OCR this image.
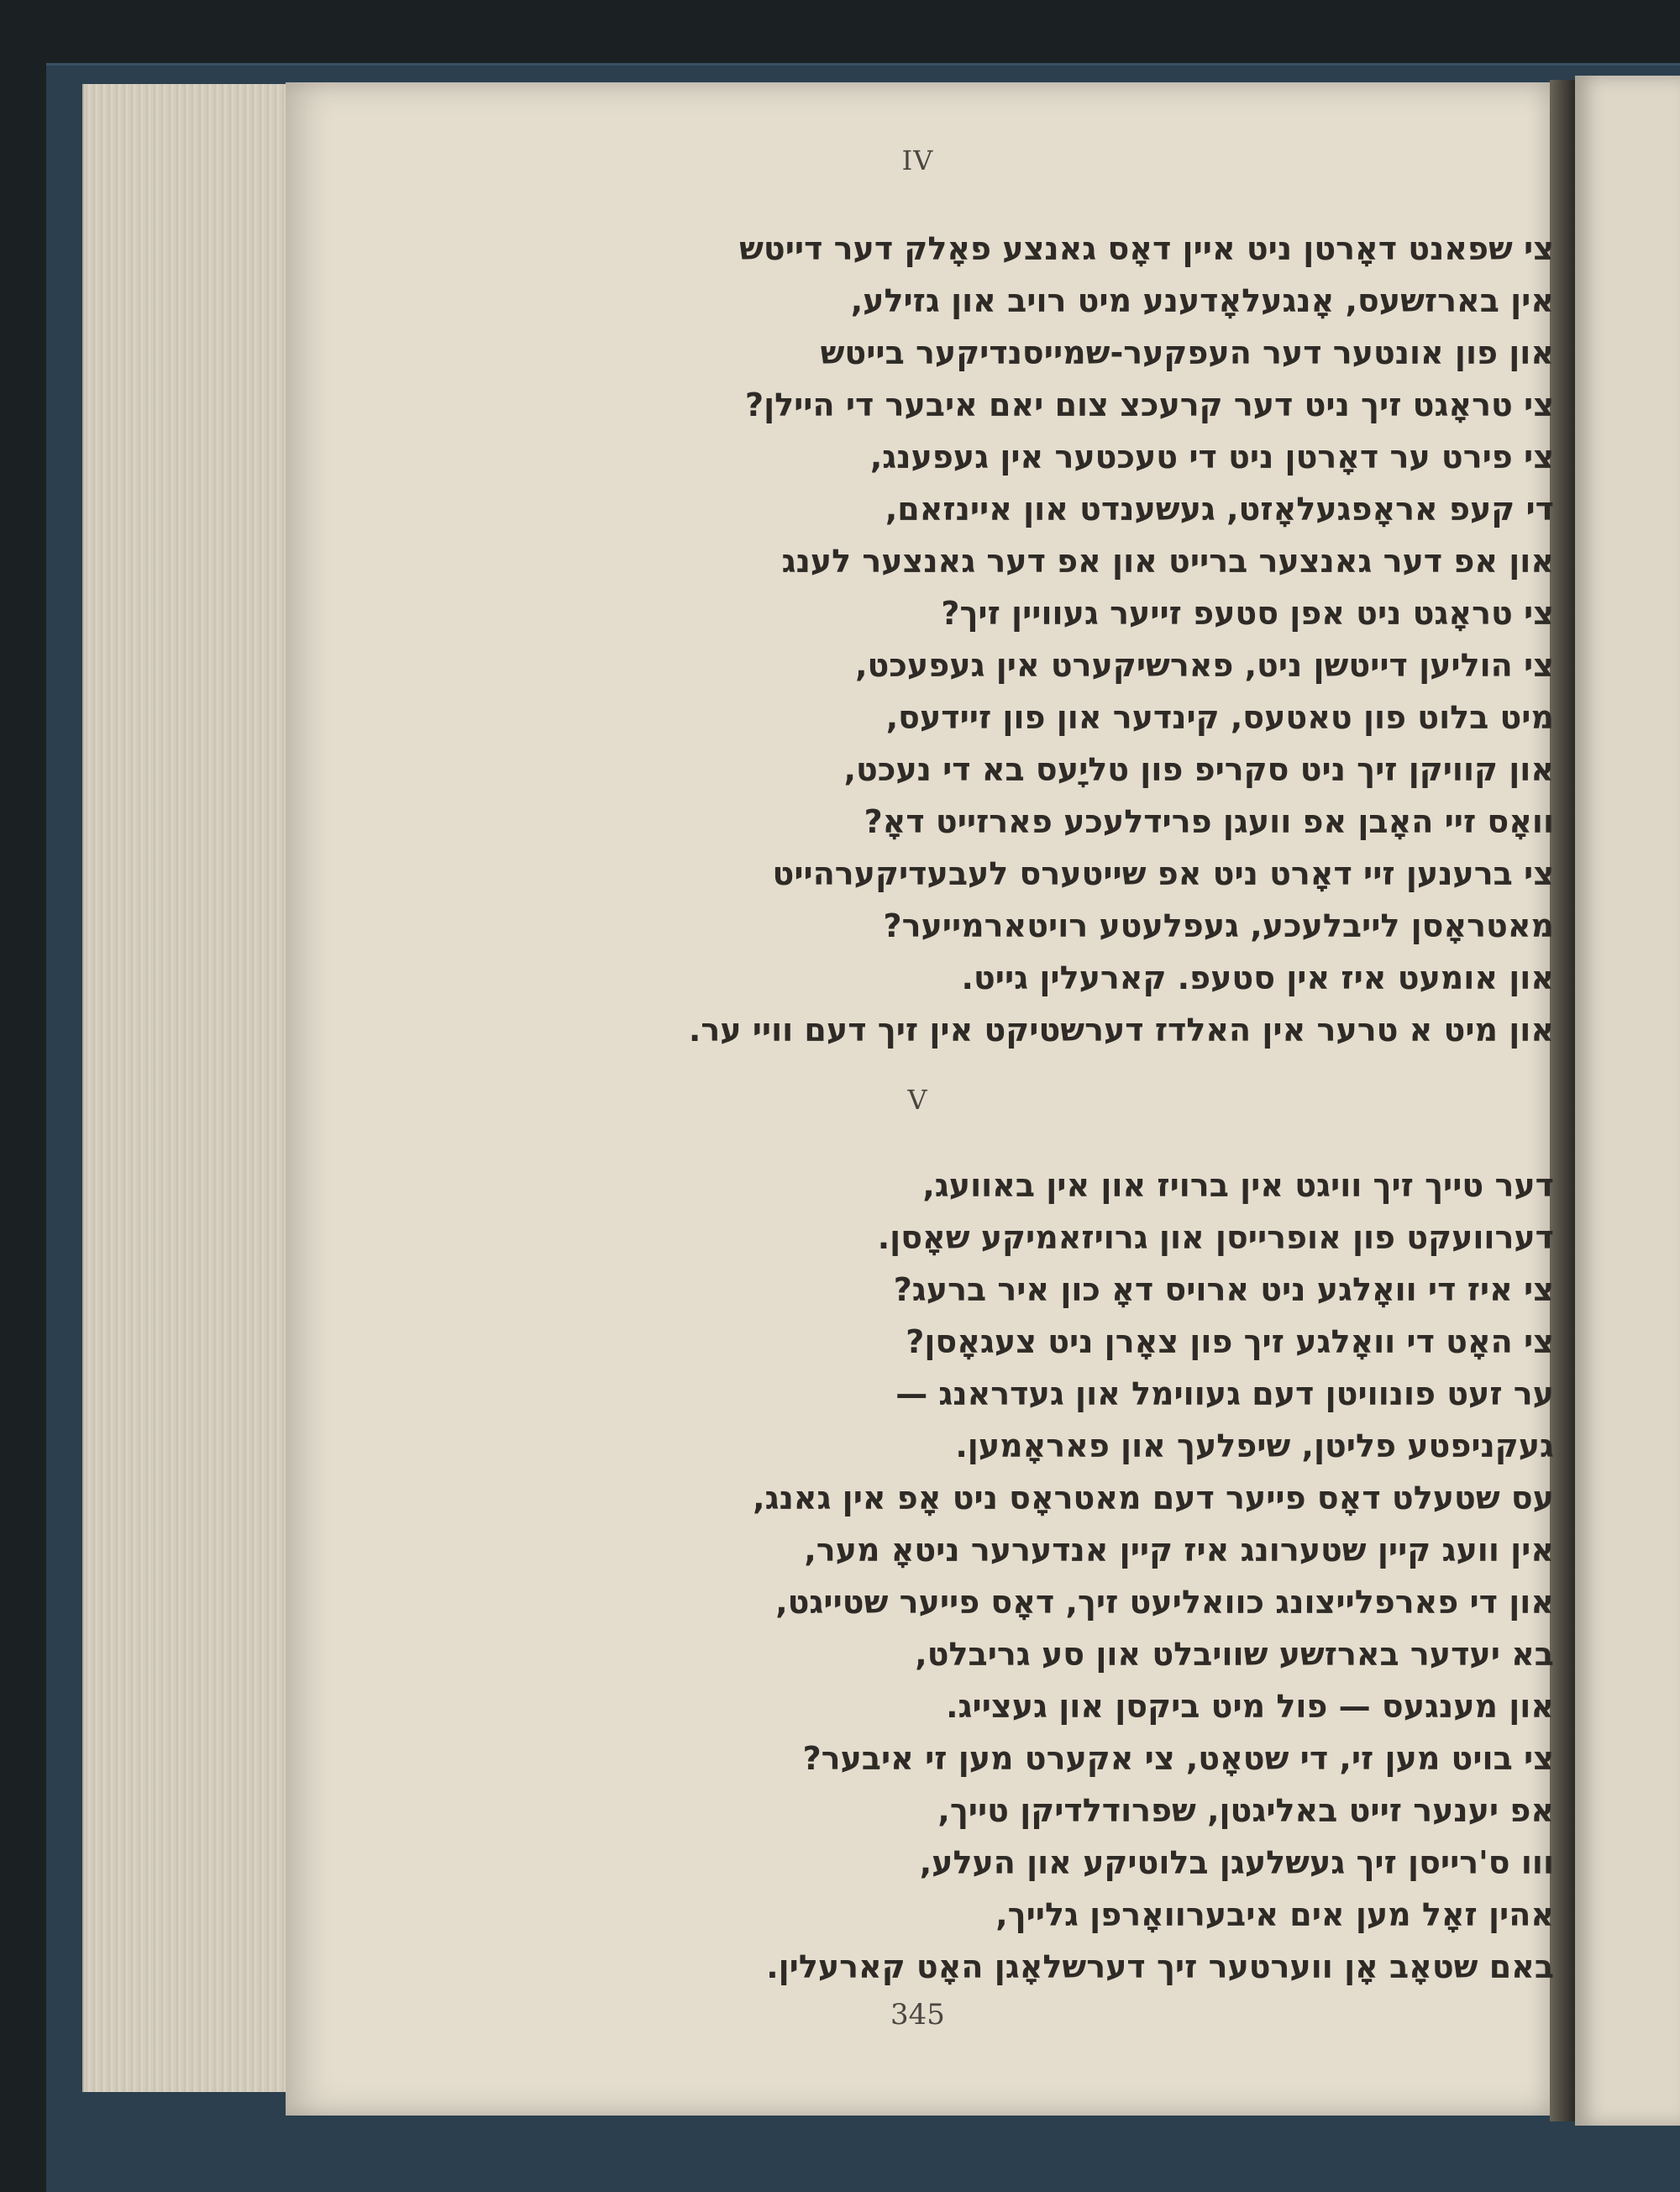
IV
צי שפאנט דאָרטן ניט איין דאָס גאנצע פאָלק דער דייטש
אין בארזשעס, אָנגעלאָדענע מיט רויב און גזילע,
און פון אונטער דער העפקער-שמייסנדיקער בייטש
צי טראָגט זיך ניט דער קרעכצ צום יאם איבער די היילן?
צי פירט ער דאָרטן ניט די טעכטער אין געפענג,
די קעפ אראָפגעלאָזט, געשענדט און איינזאם,
און אפ דער גאנצער ברייט און אפ דער גאנצער לענג
צי טראָגט ניט אפן סטעפ זייער געוויין זיך?
צי הוליען דייטשן ניט, פארשיקערט אין געפעכט,
מיט בלוט פון טאטעס, קינדער און פון זיידעס,
און קוויקן זיך ניט סקריפ פון טליָעס בא די נעכט,
וואָס זיי האָבן אפ וועגן פרידלעכע פארזייט דאָ?
צי ברענען זיי דאָרט ניט אפ שייטערס לעבעדיקערהייט
מאטראָסן לייבלעכע, געפלעטע רויטארמייער?
און אומעט איז אין סטעפ. קארעלין גייט.
און מיט א טרער אין האלדז דערשטיקט אין זיך דעם וויי ער.
V
דער טייך זיך וויגט אין ברויז און אין באוועג,
דערוועקט פון אופרייסן און גרויזאמיקע שאָסן.
צי איז די וואָלגע ניט ארויס דאָ כון איר ברעג?
צי האָט די וואָלגע זיך פון צאָרן ניט צעגאָסן?
ער זעט פונוויטן דעם געווימל און געדראנג —
געקניפטע פליטן, שיפלעך און פאראָמען.
עס שטעלט דאָס פייער דעם מאטראָס ניט אָפ אין גאנג,
אין וועג קיין שטערונג איז קיין אנדערער ניטאָ מער,
און די פארפלייצונג כוואליעט זיך, דאָס פייער שטייגט,
בא יעדער בארזשע שוויבלט און סע גריבלט,
און מענגעס — פול מיט ביקסן און געצייג.
צי בויט מען זי, די שטאָט, צי אקערט מען זי איבער?
אפ יענער זייט באליגטן, שפרודלדיקן טייך,
ווו ס'רייסן זיך געשלעגן בלוטיקע און העלע,
אהין זאָל מען אים איבערוואָרפן גלייך,
באם שטאָב אָן ווערטער זיך דערשלאָגן האָט קארעלין.
345
